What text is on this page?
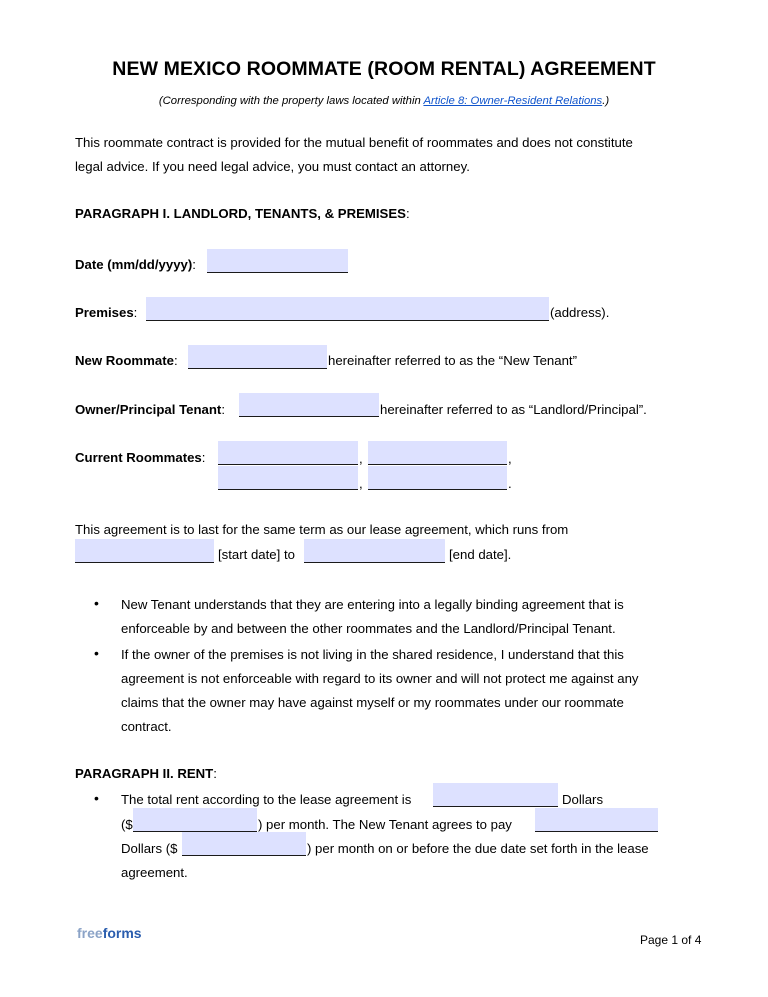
NEW MEXICO ROOMMATE (ROOM RENTAL) AGREEMENT
(Corresponding with the property laws located within Article 8: Owner-Resident Relations.)
This roommate contract is provided for the mutual benefit of roommates and does not constitute
legal advice. If you need legal advice, you must contact an attorney.
PARAGRAPH I. LANDLORD, TENANTS, & PREMISES:
Date (mm/dd/yyyy):
Premises:	(address).
New Roommate:	hereinafter referred to as the “New Tenant”
Owner/Principal Tenant:	hereinafter referred to as “Landlord/Principal”.
Current Roommates:	,	,
,	.
This agreement is to last for the same term as our lease agreement, which runs from
[start date] to	[end date].
• New Tenant understands that they are entering into a legally binding agreement that is
enforceable by and between the other roommates and the Landlord/Principal Tenant.
• If the owner of the premises is not living in the shared residence, I understand that this
agreement is not enforceable with regard to its owner and will not protect me against any
claims that the owner may have against myself or my roommates under our roommate
contract.
PARAGRAPH II. RENT:
• The total rent according to the lease agreement is	Dollars
($	) per month. The New Tenant agrees to pay
Dollars ($	) per month on or before the due date set forth in the lease
agreement.
freeforms	Page 1 of 4
